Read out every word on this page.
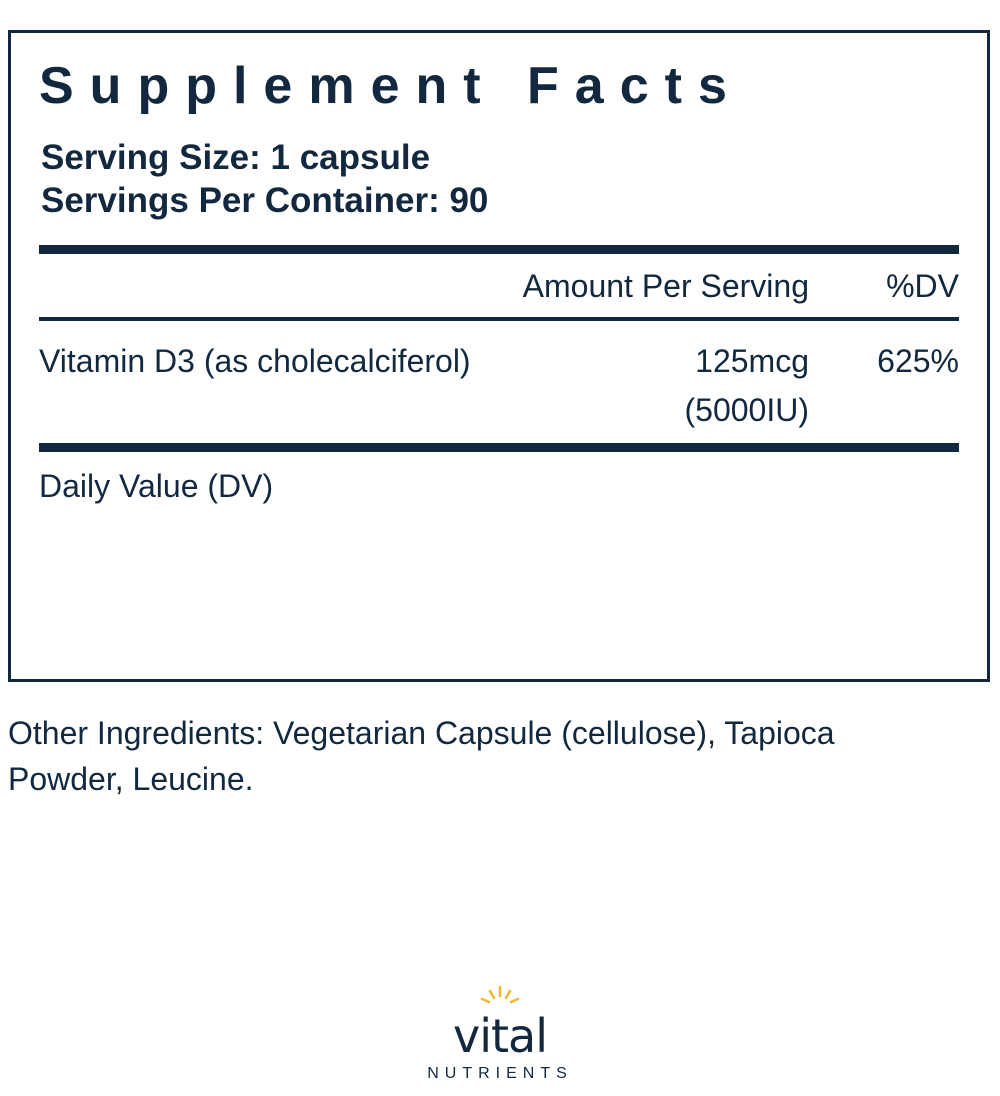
Supplement Facts
Serving Size: 1 capsule
Servings Per Container: 90
Amount Per Serving	%DV
Vitamin D3 (as cholecalciferol)	125mcg
(5000IU)
625%
Daily Value (DV)
Other Ingredients: Vegetarian Capsule (cellulose), Tapioca Powder, Leucine.
vital
NUTRIENTS
